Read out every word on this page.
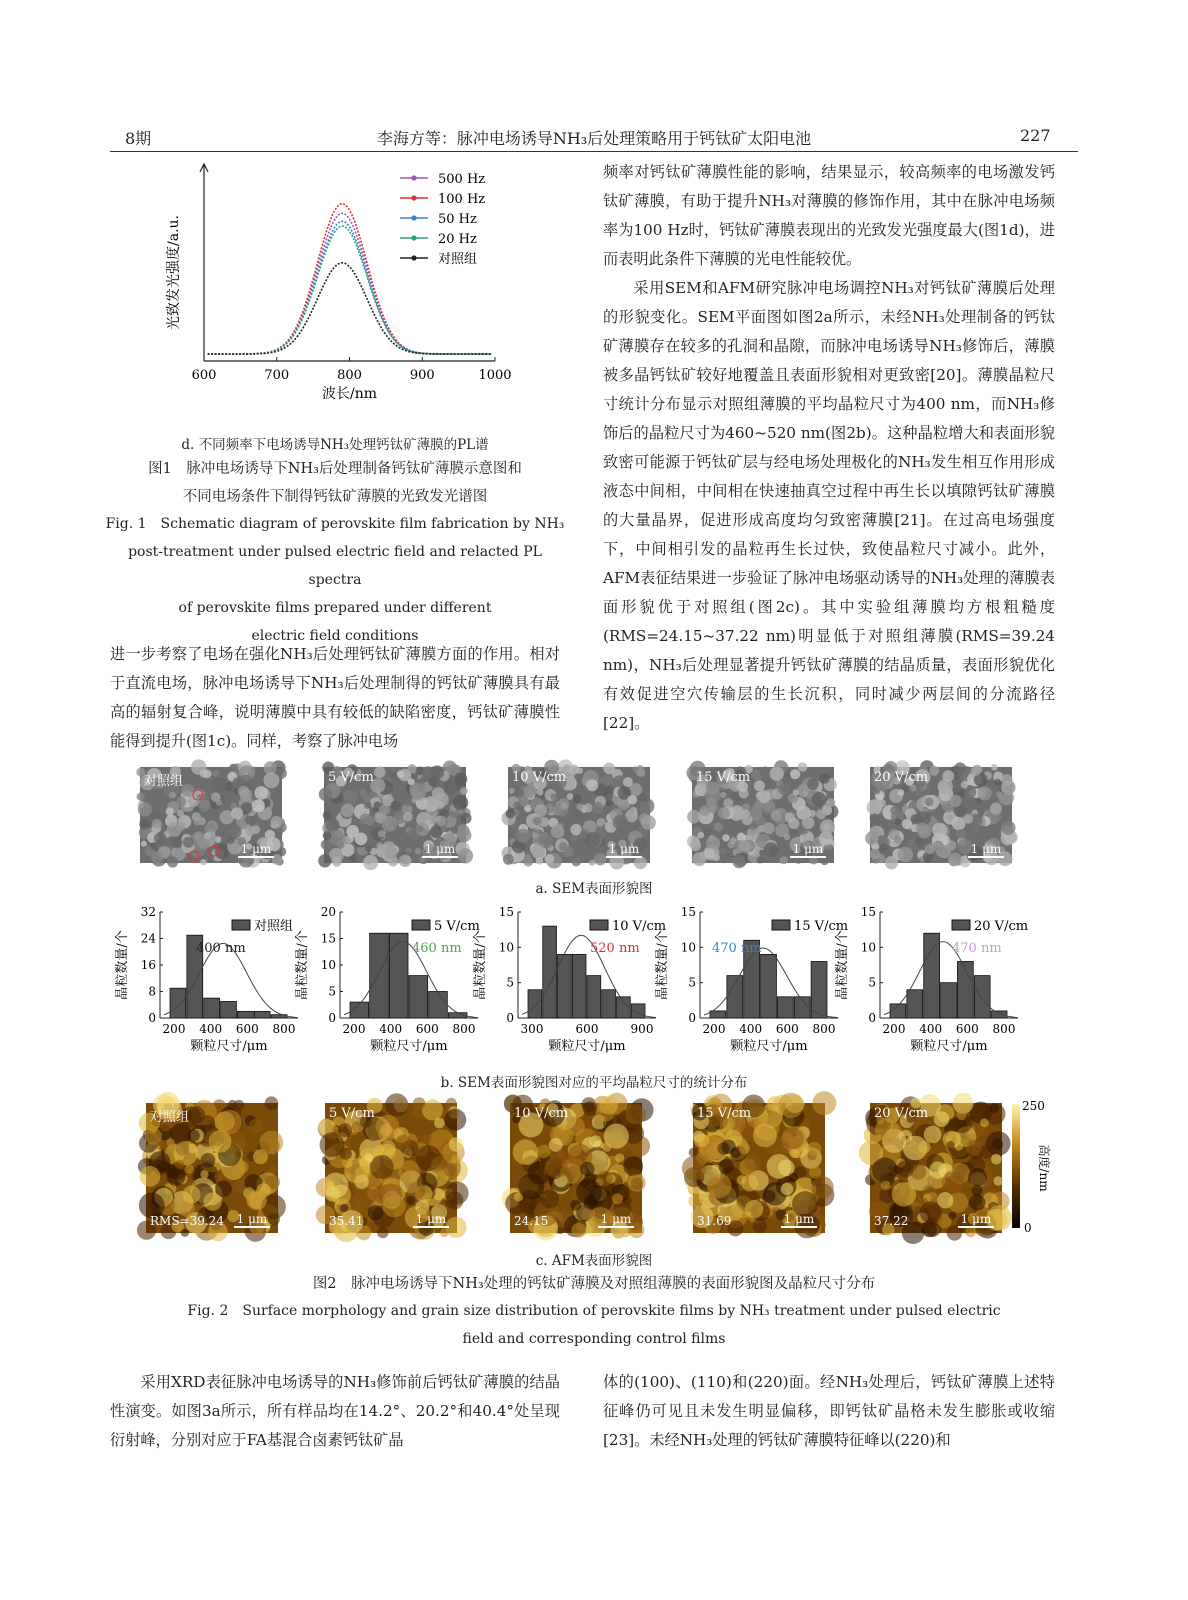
8期	李海方等：脉冲电场诱导NH₃后处理策略用于钙钛矿太阳电池	227
600	700	800	900	1000
波长/nm
光致发光强度/a.u.
500 Hz
100 Hz
50 Hz
20 Hz
对照组
d. 不同频率下电场诱导NH₃处理钙钛矿薄膜的PL谱
图1　脉冲电场诱导下NH₃后处理制备钙钛矿薄膜示意图和
不同电场条件下制得钙钛矿薄膜的光致发光谱图
Fig. 1　Schematic diagram of perovskite film fabrication by NH₃
post-treatment under pulsed electric field and relacted PL spectra
of perovskite films prepared under different
electric field conditions

进一步考察了电场在强化NH₃后处理钙钛矿薄膜方面的作用。相对于直流电场，脉冲电场诱导下NH₃后处理制得的钙钛矿薄膜具有最高的辐射复合峰，说明薄膜中具有较低的缺陷密度，钙钛矿薄膜性能得到提升(图1c)。同样，考察了脉冲电场

频率对钙钛矿薄膜性能的影响，结果显示，较高频率的电场激发钙钛矿薄膜，有助于提升NH₃对薄膜的修饰作用，其中在脉冲电场频率为100 Hz时，钙钛矿薄膜表现出的光致发光强度最大(图1d)，进而表明此条件下薄膜的光电性能较优。

采用SEM和AFM研究脉冲电场调控NH₃对钙钛矿薄膜后处理的形貌变化。SEM平面图如图2a所示，未经NH₃处理制备的钙钛矿薄膜存在较多的孔洞和晶隙，而脉冲电场诱导NH₃修饰后，薄膜被多晶钙钛矿较好地覆盖且表面形貌相对更致密[20]。薄膜晶粒尺寸统计分布显示对照组薄膜的平均晶粒尺寸为400 nm，而NH₃修饰后的晶粒尺寸为460~520 nm(图2b)。这种晶粒增大和表面形貌致密可能源于钙钛矿层与经电场处理极化的NH₃发生相互作用形成液态中间相，中间相在快速抽真空过程中再生长以填隙钙钛矿薄膜的大量晶界，促进形成高度均匀致密薄膜[21]。在过高电场强度下，中间相引发的晶粒再生长过快，致使晶粒尺寸减小。此外，AFM表征结果进一步验证了脉冲电场驱动诱导的NH₃处理的薄膜表面形貌优于对照组(图2c)。其中实验组薄膜均方根粗糙度(RMS=24.15~37.22 nm)明显低于对照组薄膜(RMS=39.24 nm)，NH₃后处理显著提升钙钛矿薄膜的结晶质量，表面形貌优化有效促进空穴传输层的生长沉积，同时减少两层间的分流路径[22]。

对照组
1 μm
5 V/cm
1 μm
10 V/cm
1 μm
15 V/cm
1 μm
20 V/cm
1 μm
a. SEM表面形貌图
0
8
16
24
32
200 400 600 800
颗粒尺寸/μm
晶粒数量/个
对照组
400 nm
0
5
10
15
20
200 400 600 800
颗粒尺寸/μm
晶粒数量/个
5 V/cm
460 nm
0
5
10
15
300	600	900
颗粒尺寸/μm
晶粒数量/个
10 V/cm
520 nm
0
5
10
15
200 400 600 800
颗粒尺寸/μm
晶粒数量/个
15 V/cm
470 nm
0
5
10
15
200 400 600 800
颗粒尺寸/μm
晶粒数量/个
20 V/cm
470 nm
b. SEM表面形貌图对应的平均晶粒尺寸的统计分布
对照组
RMS=39.24 1 μm
5 V/cm
35.41	1 μm
10 V/cm
24.15	1 μm
15 V/cm
31.69	1 μm
20 V/cm
37.22	1 μm
250
0
高度/nm
c. AFM表面形貌图
图2　脉冲电场诱导下NH₃处理的钙钛矿薄膜及对照组薄膜的表面形貌图及晶粒尺寸分布
Fig. 2　Surface morphology and grain size distribution of perovskite films by NH₃ treatment under pulsed electric
field and corresponding control films

采用XRD表征脉冲电场诱导的NH₃修饰前后钙钛矿薄膜的结晶性演变。如图3a所示，所有样品均在14.2°、20.2°和40.4°处呈现衍射峰，分别对应于FA基混合卤素钙钛矿晶

体的(100)、(110)和(220)面。经NH₃处理后，钙钛矿薄膜上述特征峰仍可见且未发生明显偏移，即钙钛矿晶格未发生膨胀或收缩[23]。未经NH₃处理的钙钛矿薄膜特征峰以(220)和
